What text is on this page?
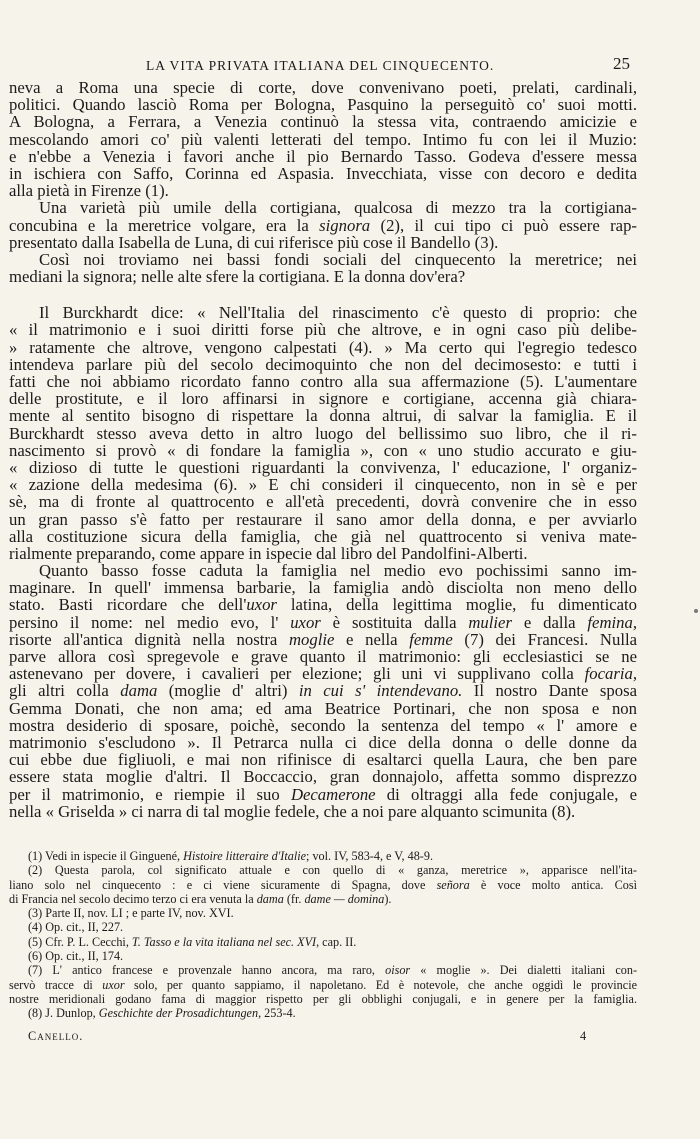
LA VITA PRIVATA ITALIANA DEL CINQUECENTO.	25

neva a Roma una specie di corte, dove convenivano poeti, prelati, cardinali,
politici. Quando lasciò Roma per Bologna, Pasquino la perseguitò co' suoi motti.
A Bologna, a Ferrara, a Venezia continuò la stessa vita, contraendo amicizie e
mescolando amori co' più valenti letterati del tempo. Intimo fu con lei il Muzio:
e n'ebbe a Venezia i favori anche il pio Bernardo Tasso. Godeva d'essere messa
in ischiera con Saffo, Corinna ed Aspasia. Invecchiata, visse con decoro e dedita
alla pietà in Firenze (1).

Una varietà più umile della cortigiana, qualcosa di mezzo tra la cortigiana-
concubina e la meretrice volgare, era la signora (2), il cui tipo ci può essere rap-
presentato dalla Isabella de Luna, di cui riferisce più cose il Bandello (3).

Così noi troviamo nei bassi fondi sociali del cinquecento la meretrice; nei
mediani la signora; nelle alte sfere la cortigiana. E la donna dov'era?

Il Burckhardt dice: « Nell'Italia del rinascimento c'è questo di proprio: che
« il matrimonio e i suoi diritti forse più che altrove, e in ogni caso più delibe-
» ratamente che altrove, vengono calpestati (4). » Ma certo qui l'egregio tedesco
intendeva parlare più del secolo decimoquinto che non del decimosesto: e tutti i
fatti che noi abbiamo ricordato fanno contro alla sua affermazione (5). L'aumentare
delle prostitute, e il loro affinarsi in signore e cortigiane, accenna già chiara-
mente al sentito bisogno di rispettare la donna altrui, di salvar la famiglia. E il
Burckhardt stesso aveva detto in altro luogo del bellissimo suo libro, che il ri-
nascimento si provò « di fondare la famiglia », con « uno studio accurato e giu-
« dizioso di tutte le questioni riguardanti la convivenza, l' educazione, l' organiz-
« zazione della medesima (6). » E chi consideri il cinquecento, non in sè e per
sè, ma di fronte al quattrocento e all'età precedenti, dovrà convenire che in esso
un gran passo s'è fatto per restaurare il sano amor della donna, e per avviarlo
alla costituzione sicura della famiglia, che già nel quattrocento si veniva mate-
rialmente preparando, come appare in ispecie dal libro del Pandolfini-Alberti.

Quanto basso fosse caduta la famiglia nel medio evo pochissimi sanno im-
maginare. In quell' immensa barbarie, la famiglia andò disciolta non meno dello
stato. Basti ricordare che dell'uxor latina, della legittima moglie, fu dimenticato
persino il nome: nel medio evo, l' uxor è sostituita dalla mulier e dalla femina,
risorte all'antica dignità nella nostra moglie e nella femme (7) dei Francesi. Nulla
parve allora così spregevole e grave quanto il matrimonio: gli ecclesiastici se ne
astenevano per dovere, i cavalieri per elezione; gli uni vi supplivano colla focaria,
gli altri colla dama (moglie d' altri) in cui s' intendevano. Il nostro Dante sposa
Gemma Donati, che non ama; ed ama Beatrice Portinari, che non sposa e non
mostra desiderio di sposare, poichè, secondo la sentenza del tempo « l' amore e
matrimonio s'escludono ». Il Petrarca nulla ci dice della donna o delle donne da
cui ebbe due figliuoli, e mai non rifinisce di esaltarci quella Laura, che ben pare
essere stata moglie d'altri. Il Boccaccio, gran donnajolo, affetta sommo disprezzo
per il matrimonio, e riempie il suo Decamerone di oltraggi alla fede conjugale, e
nella « Griselda » ci narra di tal moglie fedele, che a noi pare alquanto scimunita (8).

(1) Vedi in ispecie il Ginguené, Histoire litteraire d'Italie; vol. IV, 583-4, e V, 48-9.
(2) Questa parola, col significato attuale e con quello di « ganza, meretrice », apparisce nell'ita-
liano solo nel cinquecento : e ci viene sicuramente di Spagna, dove señora è voce molto antica. Così
di Francia nel secolo decimo terzo ci era venuta la dama (fr. dame — domina).
(3) Parte II, nov. LI ; e parte IV, nov. XVI.
(4) Op. cit., II, 227.
(5) Cfr. P. L. Cecchi, T. Tasso e la vita italiana nel sec. XVI, cap. II.
(6) Op. cit., II, 174.
(7) L' antico francese e provenzale hanno ancora, ma raro, oisor « moglie ». Dei dialetti italiani con-
servò tracce di uxor solo, per quanto sappiamo, il napoletano. Ed è notevole, che anche oggidì le provincie
nostre meridionali godano fama di maggior rispetto per gli obblighi conjugali, e in genere per la famiglia.
(8) J. Dunlop, Geschichte der Prosadichtungen, 253-4.
Canello.	4
